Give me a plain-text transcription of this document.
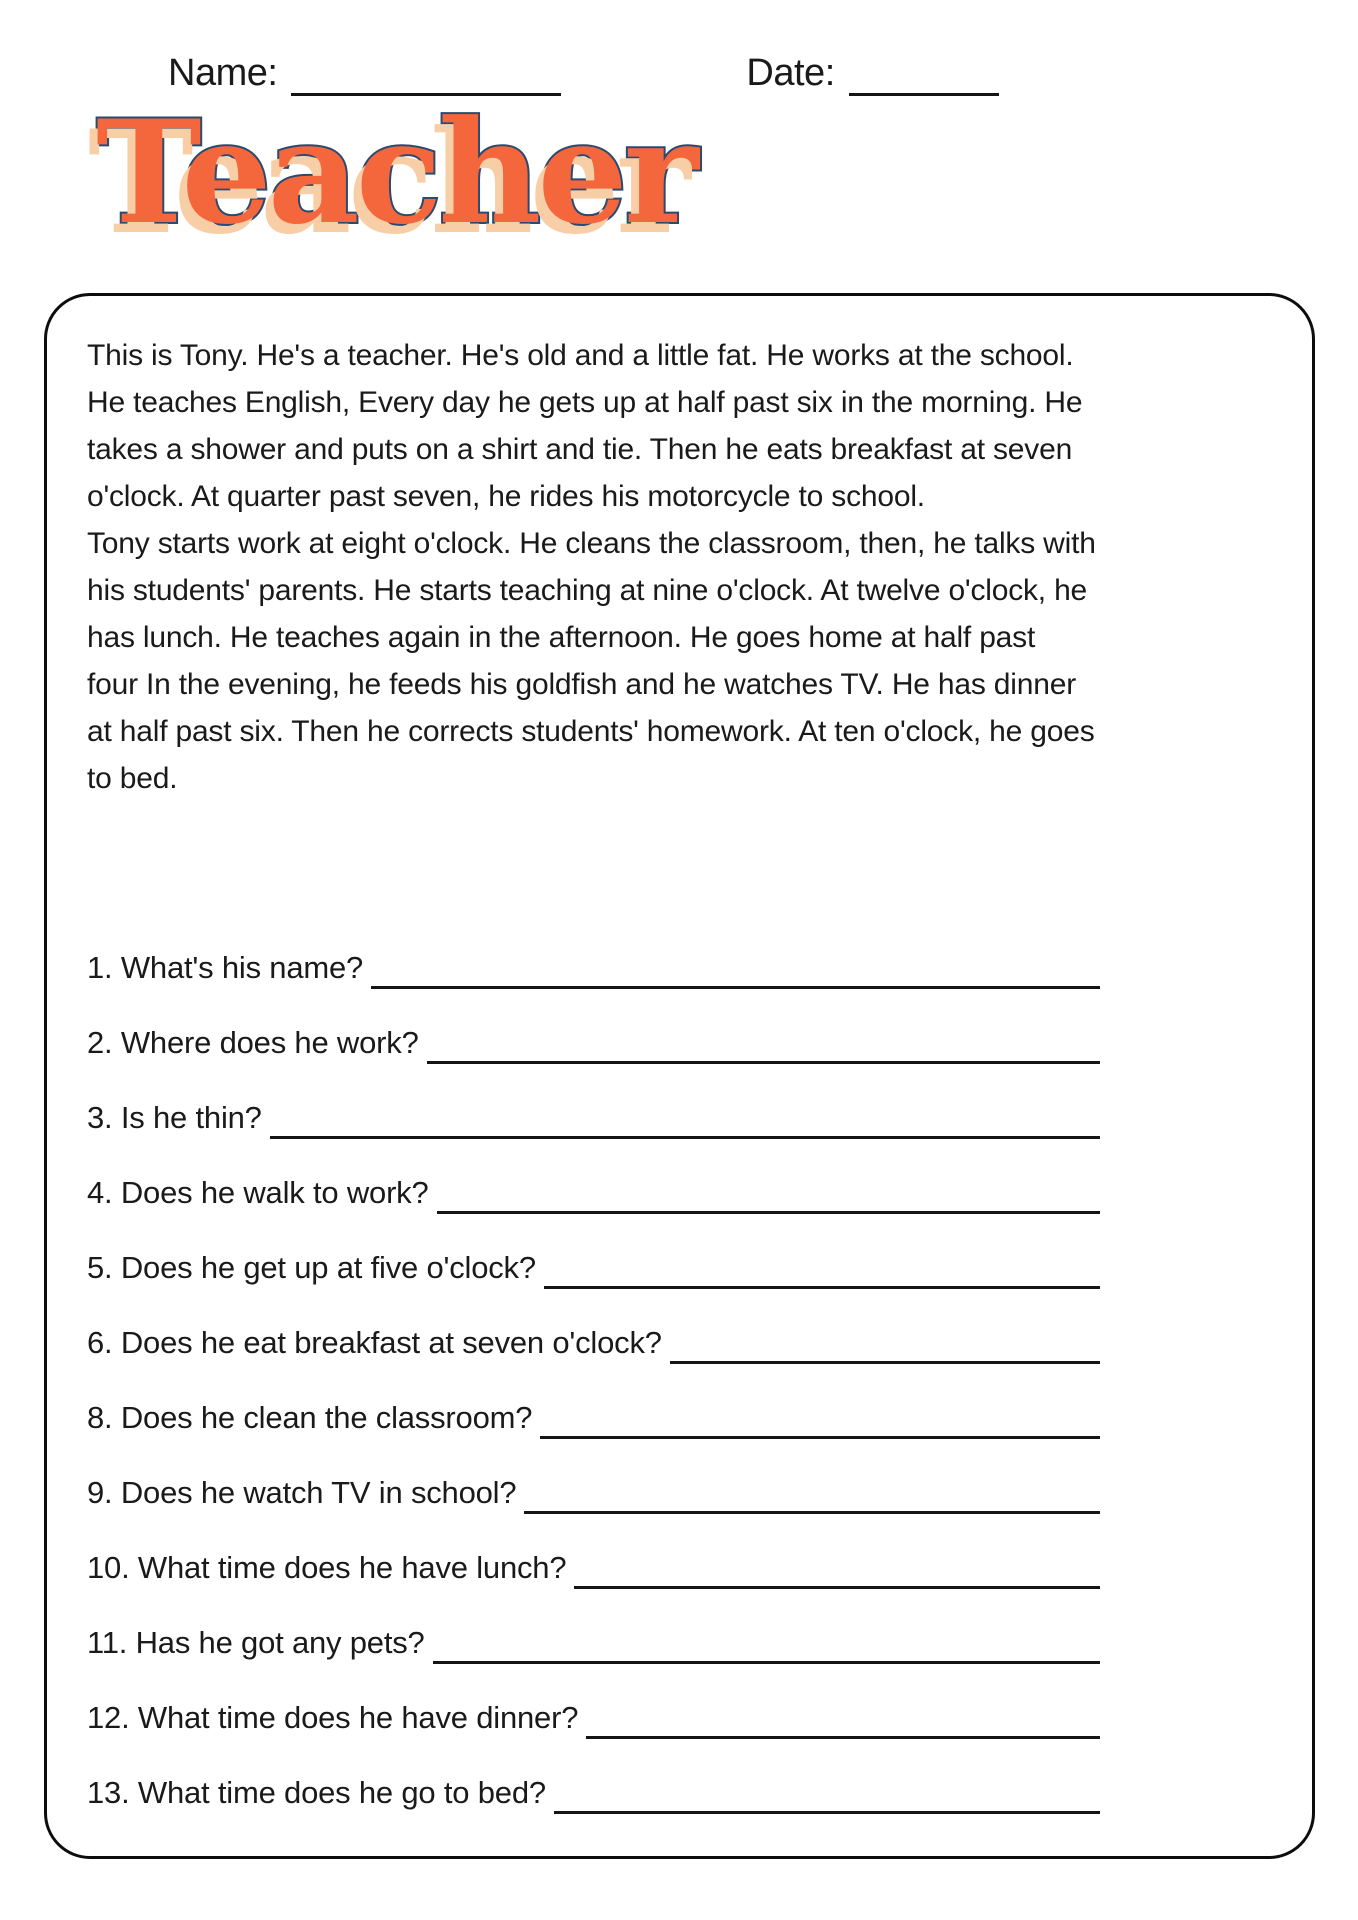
Name:	Date:
Teacher
This is Tony. He's a teacher. He's old and a little fat. He works at the school.
He teaches English, Every day he gets up at half past six in the morning. He
takes a shower and puts on a shirt and tie. Then he eats breakfast at seven
o'clock. At quarter past seven, he rides his motorcycle to school.
Tony starts work at eight o'clock. He cleans the classroom, then, he talks with
his students' parents. He starts teaching at nine o'clock. At twelve o'clock, he
has lunch. He teaches again in the afternoon. He goes home at half past
four In the evening, he feeds his goldfish and he watches TV. He has dinner
at half past six. Then he corrects students' homework. At ten o'clock, he goes
to bed.
1. What's his name?
2. Where does he work?
3. Is he thin?
4. Does he walk to work?
5. Does he get up at five o'clock?
6. Does he eat breakfast at seven o'clock?
8. Does he clean the classroom?
9. Does he watch TV in school?
10. What time does he have lunch?
11. Has he got any pets?
12. What time does he have dinner?
13. What time does he go to bed?
